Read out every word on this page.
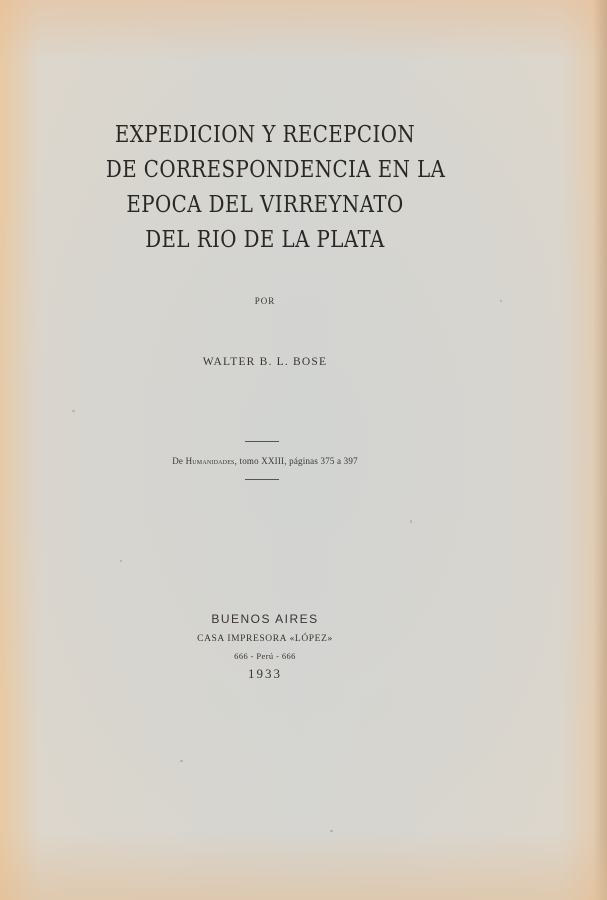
EXPEDICION Y RECEPCION
DE CORRESPONDENCIA EN LA
EPOCA DEL VIRREYNATO
DEL RIO DE LA PLATA
POR
WALTER B. L. BOSE
De Humanidades, tomo XXIII, páginas 375 a 397
BUENOS AIRES
CASA IMPRESORA «LÓPEZ»
666 - Perú - 666
1933
